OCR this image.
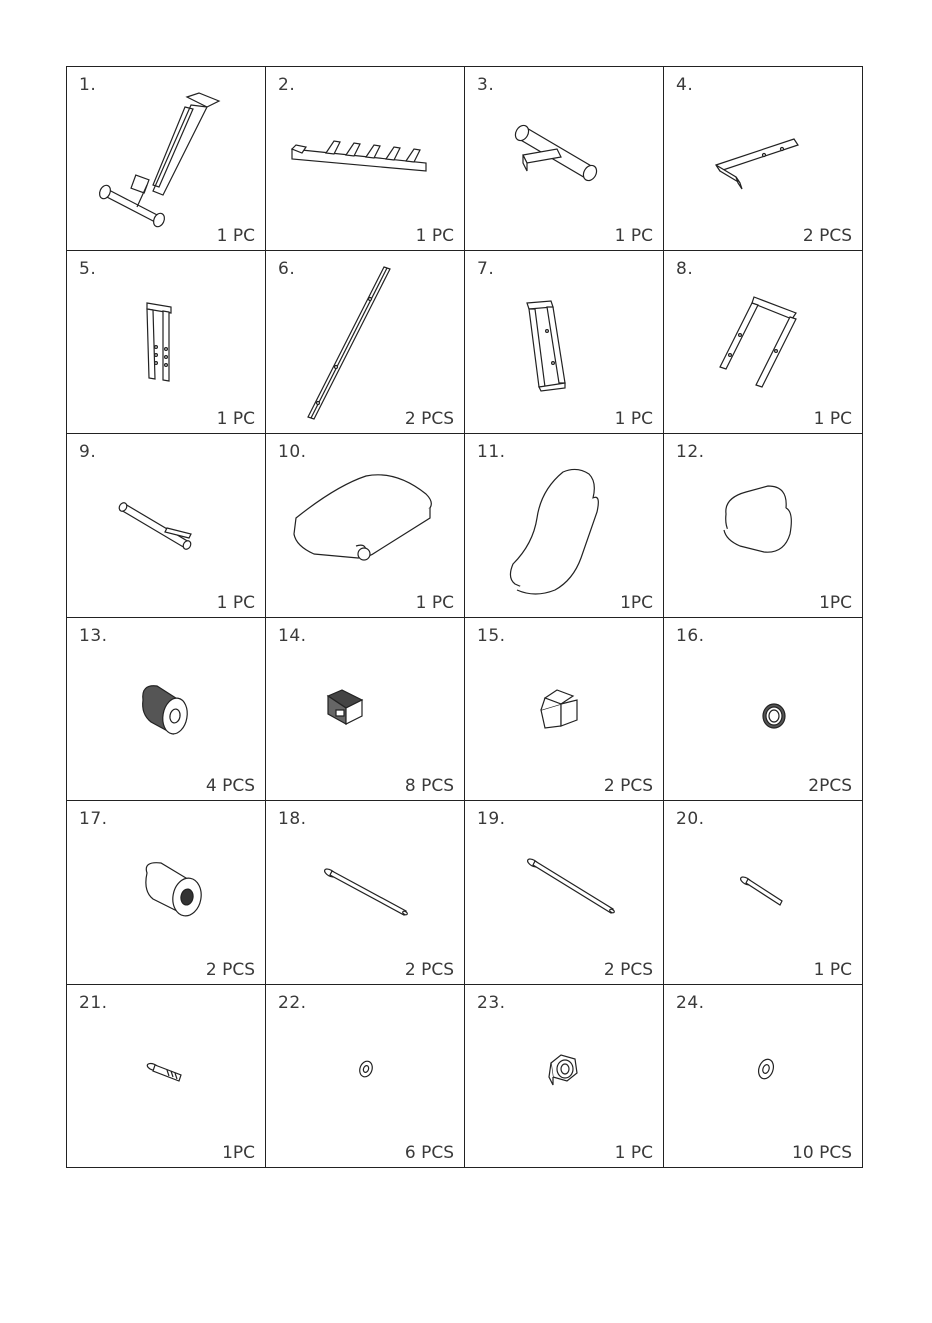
1.
1 PC
2.
1 PC
3.
1 PC
4.
2 PCS
5.
1 PC
6.
2 PCS
7.
1 PC
8.
1 PC
9.
1 PC
10.
1 PC
11.
1PC
12.
1PC
13.
4 PCS
14.
8 PCS
15.
2 PCS
16.
2PCS
17.
2 PCS
18.
2 PCS
19.
2 PCS
20.
1 PC
21.
1PC
22.
6 PCS
23.
1 PC
24.
10 PCS
